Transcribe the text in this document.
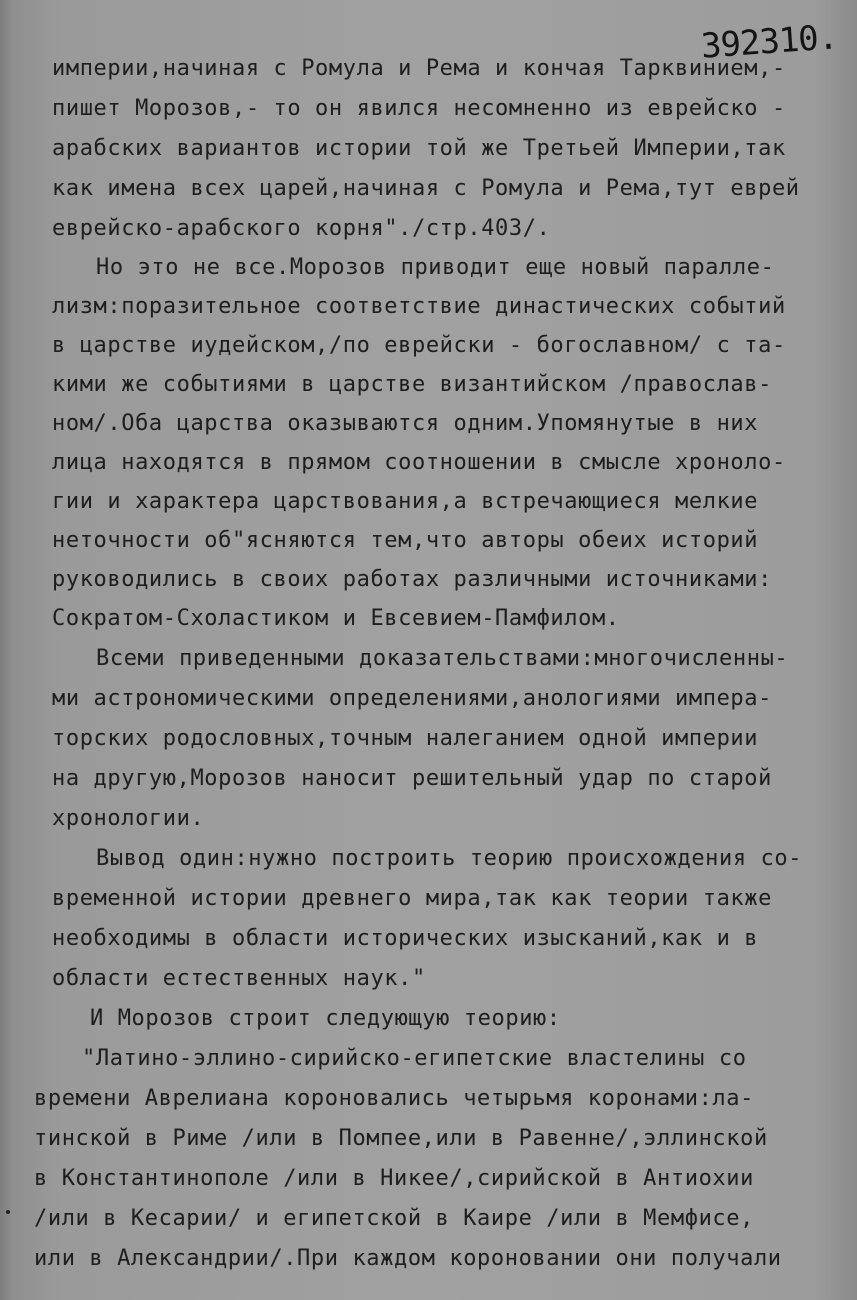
392310.
империи,начиная с Ромула и Рема и кончая Тарквинием,-
пишет Морозов,- то он явился несомненно из еврейско -
арабских вариантов истории той же Третьей Империи,так
как имена всех царей,начиная с Ромула и Рема,тут еврей
еврейско-арабского корня"./стр.403/.
Но это не все.Морозов приводит еще новый паралле-
лизм:поразительное соответствие династических событий
в царстве иудейском,/по еврейски - богославном/ с та-
кими же событиями в царстве византийском /православ-
ном/.Оба царства оказываются одним.Упомянутые в них
лица находятся в прямом соотношении в смысле хроноло-
гии и характера царствования,а встречающиеся мелкие
неточности об"ясняются тем,что авторы обеих историй
руководились в своих работах различными источниками:
Сократом-Схоластиком и Евсевием-Памфилом.
Всеми приведенными доказательствами:многочисленны-
ми астрономическими определениями,анологиями импера-
торских родословных,точным налеганием одной империи
на другую,Морозов наносит решительный удар по старой
хронологии.
Вывод один:нужно построить теорию происхождения со-
временной истории древнего мира,так как теории также
необходимы в области исторических изысканий,как и в
области естественных наук."
И Морозов строит следующую теорию:
"Латино-эллино-сирийско-египетские властелины со
времени Аврелиана короновались четырьмя коронами:ла-
тинской в Риме /или в Помпее,или в Равенне/,эллинской
в Константинополе /или в Никее/,сирийской в Антиохии
/или в Кесарии/ и египетской в Каире /или в Мемфисе,
или в Александрии/.При каждом короновании они получали
